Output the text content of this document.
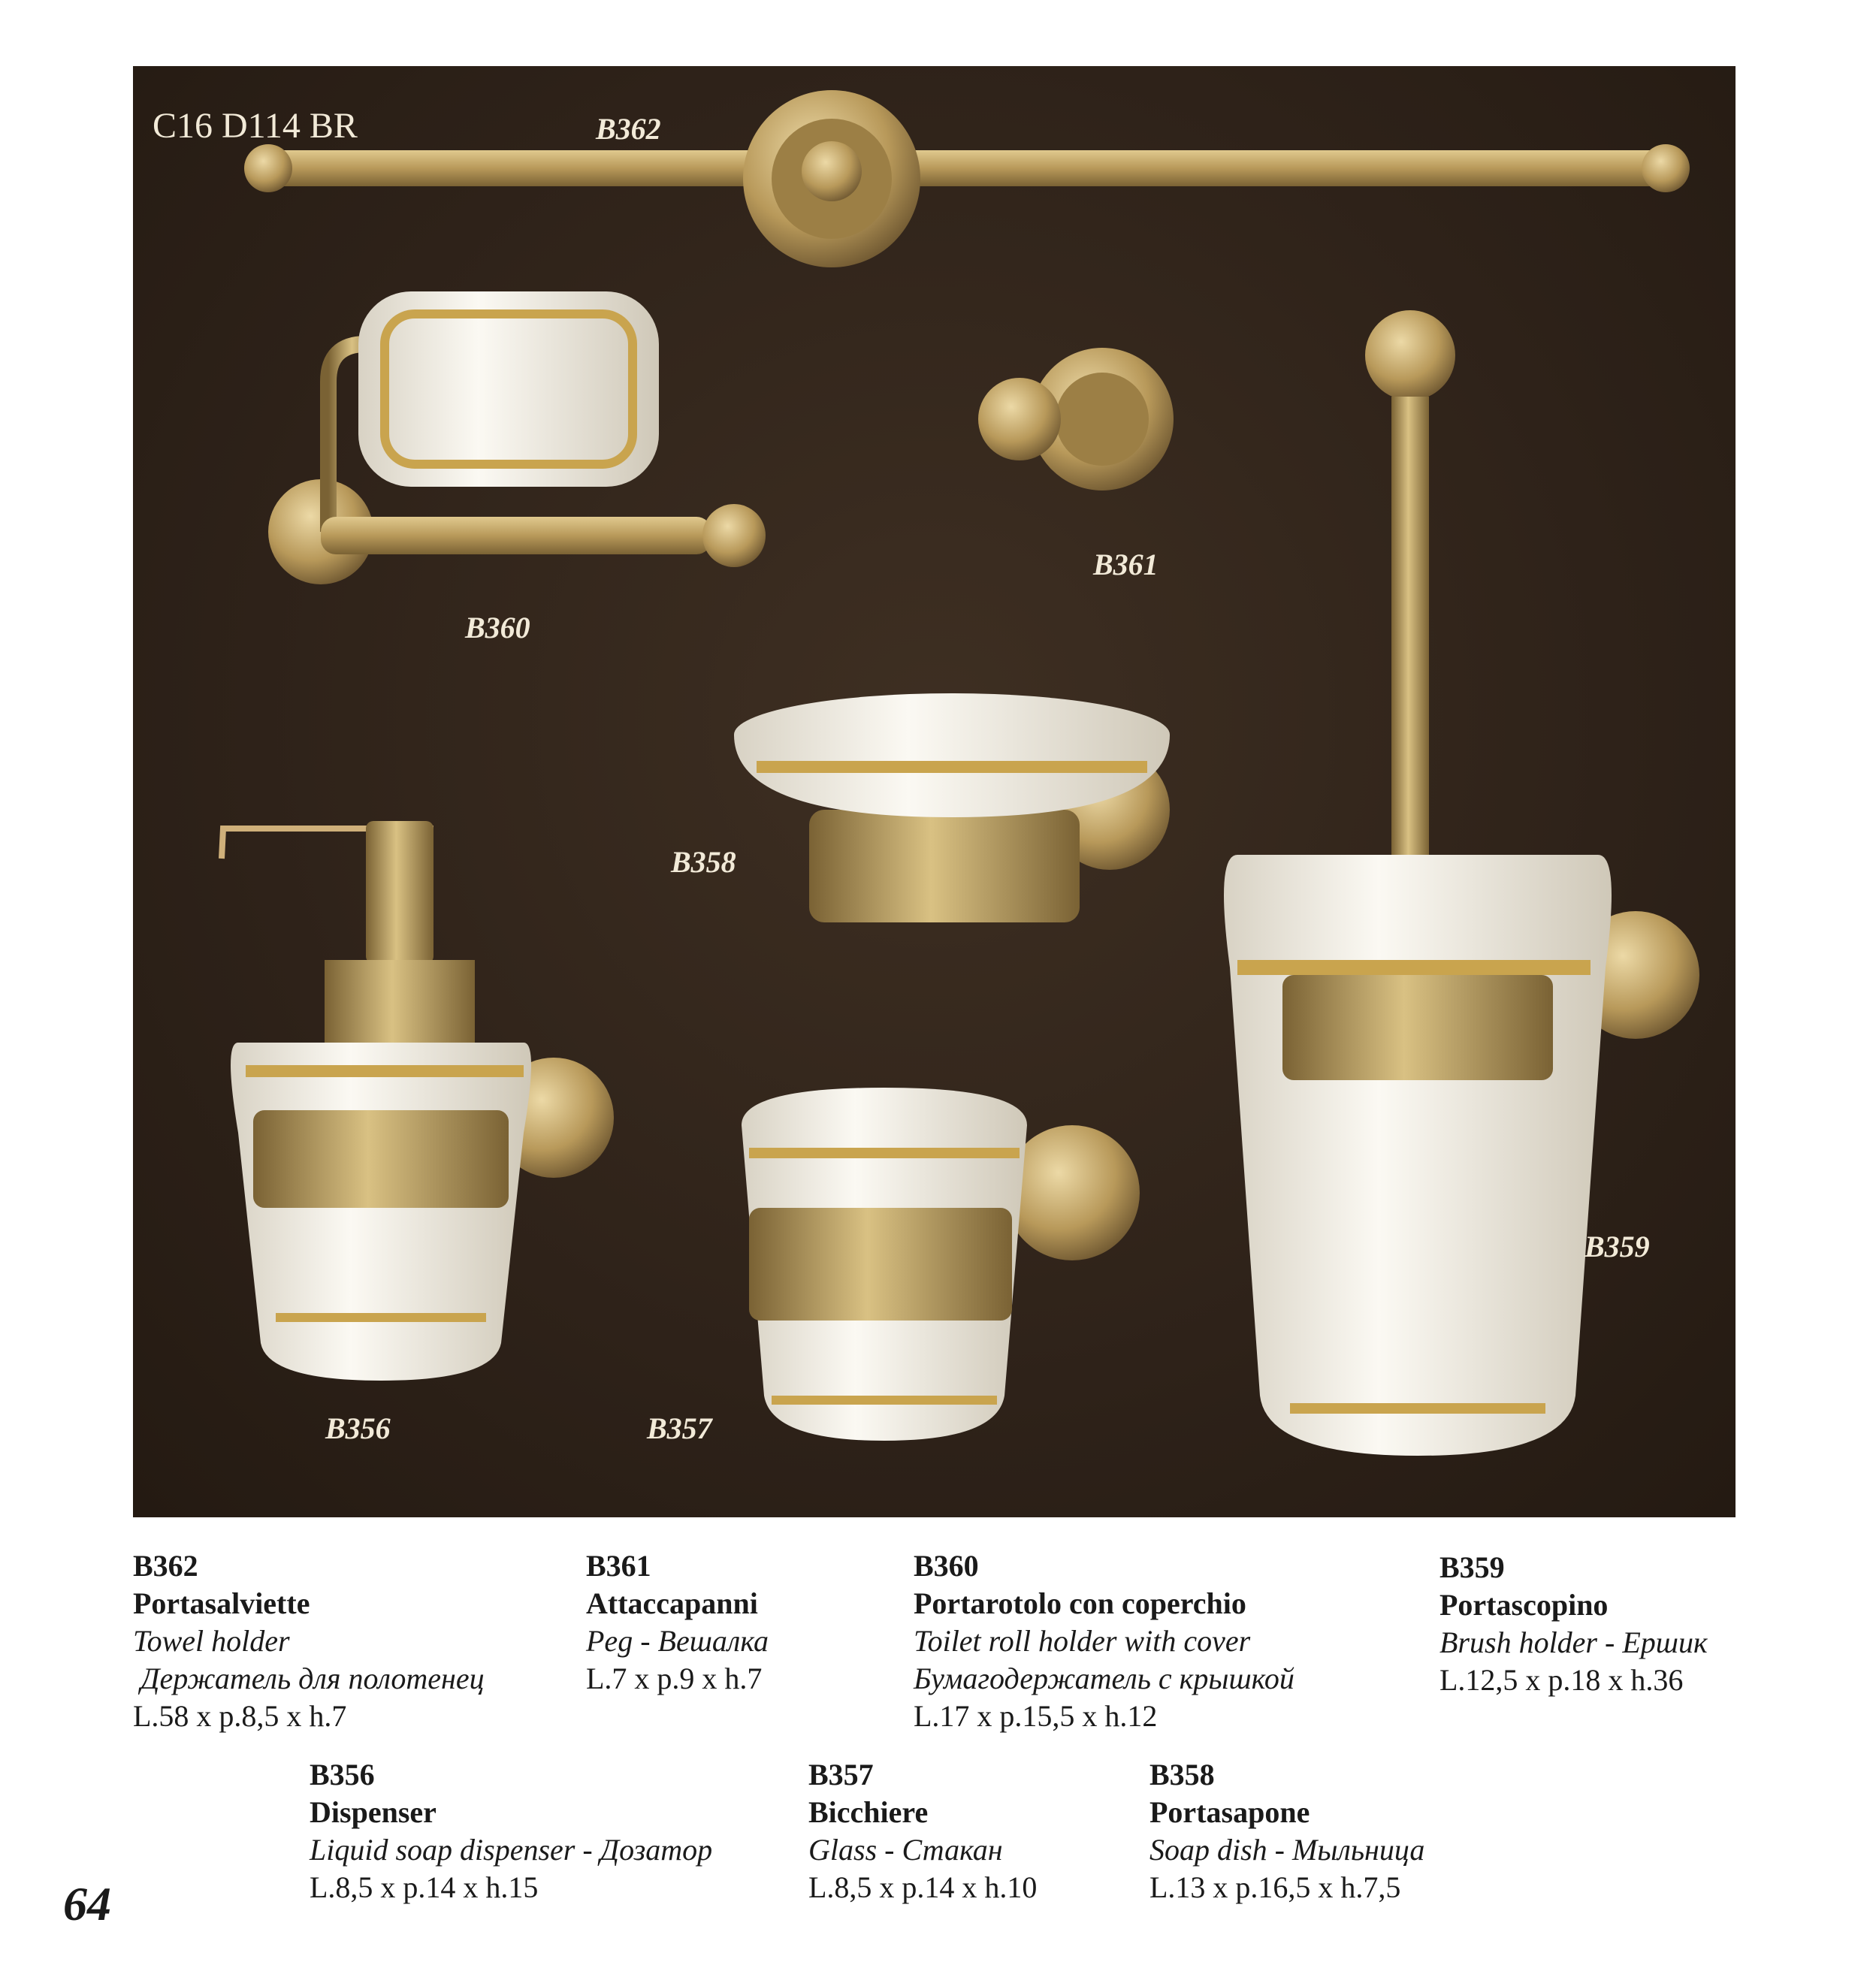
C16 D114 BR	B362
B361
B360
B358
B359
B356	B357
B362
Portasalviette
Towel holder
Держатель для полотенец
L.58 x p.8,5 x h.7
B361
Attaccapanni
Peg - Вешалка
L.7 x p.9 x h.7
B360
Portarotolo con coperchio
Toilet roll holder with cover
Бумагодержатель с крышкой
L.17 x p.15,5 x h.12
B359
Portascopino
Brush holder - Ершик
L.12,5 x p.18 x h.36
B356
Dispenser
Liquid soap dispenser - Дозатор
L.8,5 x p.14 x h.15
B357
Bicchiere
Glass - Стакан
L.8,5 x p.14 x h.10
B358
Portasapone
Soap dish - Мыльница
L.13 x p.16,5 x h.7,5
64
